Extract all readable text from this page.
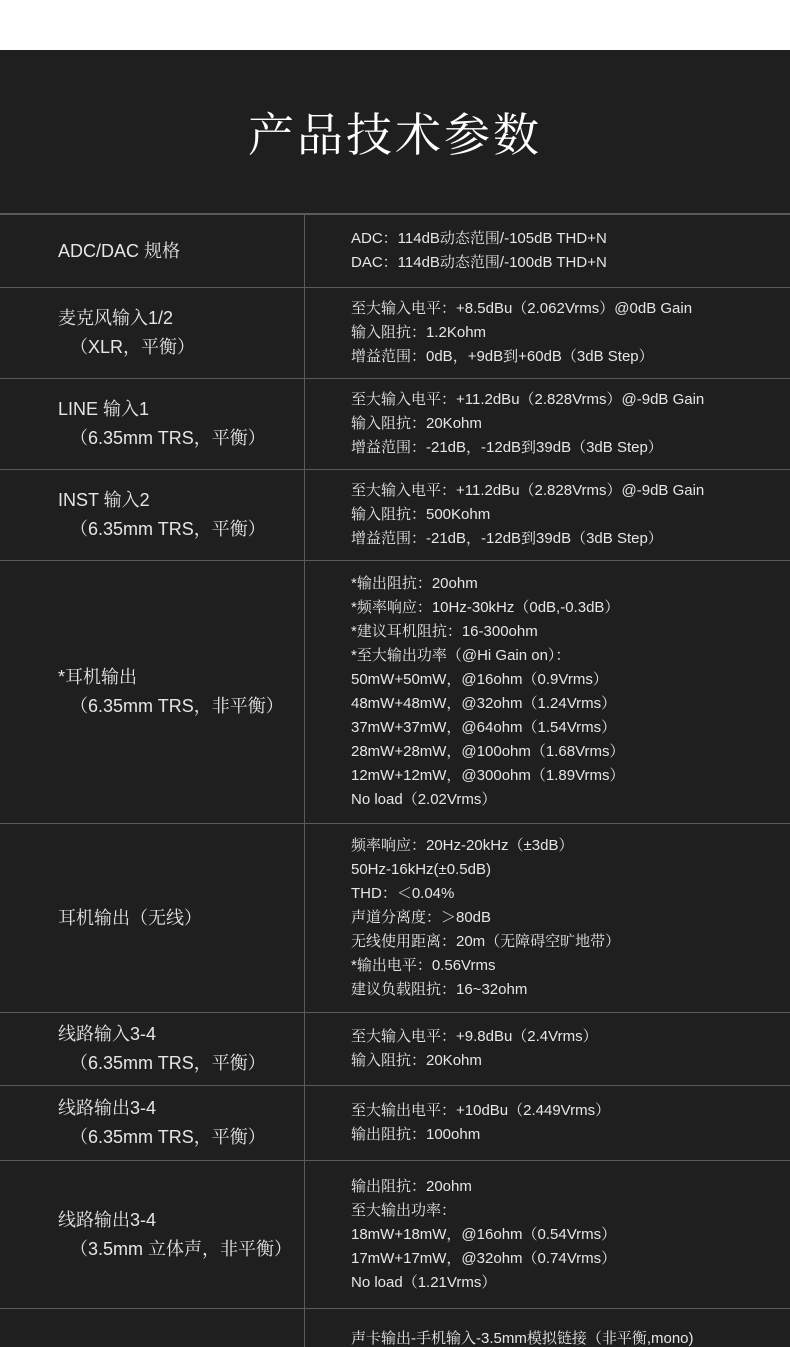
产品技术参数
ADC/DAC 规格
ADC：114dB动态范围/-105dB THD+N
DAC：114dB动态范围/-100dB THD+N
麦克风输入1/2
（XLR，平衡）
至大输入电平：+8.5dBu（2.062Vrms）@0dB Gain
输入阻抗：1.2Kohm
增益范围：0dB，+9dB到+60dB（3dB Step）
LINE 输入1
（6.35mm TRS，平衡）
至大输入电平：+11.2dBu（2.828Vrms）@-9dB Gain
输入阻抗：20Kohm
增益范围：-21dB，-12dB到39dB（3dB Step）
INST 输入2
（6.35mm TRS，平衡）
至大输入电平：+11.2dBu（2.828Vrms）@-9dB Gain
输入阻抗：500Kohm
增益范围：-21dB，-12dB到39dB（3dB Step）
*耳机输出
（6.35mm TRS，非平衡）
*输出阻抗：20ohm
*频率响应：10Hz-30kHz（0dB,-0.3dB）
*建议耳机阻抗：16-300ohm
*至大输出功率（@Hi Gain on）：
50mW+50mW，@16ohm（0.9Vrms）
48mW+48mW，@32ohm（1.24Vrms）
37mW+37mW，@64ohm（1.54Vrms）
28mW+28mW，@100ohm（1.68Vrms）
12mW+12mW，@300ohm（1.89Vrms）
No load（2.02Vrms）
耳机输出（无线）
频率响应：20Hz-20kHz（±3dB）
50Hz-16kHz(±0.5dB)
THD：＜0.04%
声道分离度：＞80dB
无线使用距离：20m（无障碍空旷地带）
*输出电平：0.56Vrms
建议负载阻抗：16~32ohm
线路输入3-4
（6.35mm TRS，平衡）
至大输入电平：+9.8dBu（2.4Vrms）
输入阻抗：20Kohm
线路输出3-4
（6.35mm TRS，平衡）
至大输出电平：+10dBu（2.449Vrms）
输出阻抗：100ohm
线路输出3-4
（3.5mm 立体声，非平衡）
输出阻抗：20ohm
至大输出功率：
18mW+18mW，@16ohm（0.54Vrms）
17mW+17mW，@32ohm（0.74Vrms）
No load（1.21Vrms）
声卡输出-手机输入-3.5mm模拟链接（非平衡,mono)
